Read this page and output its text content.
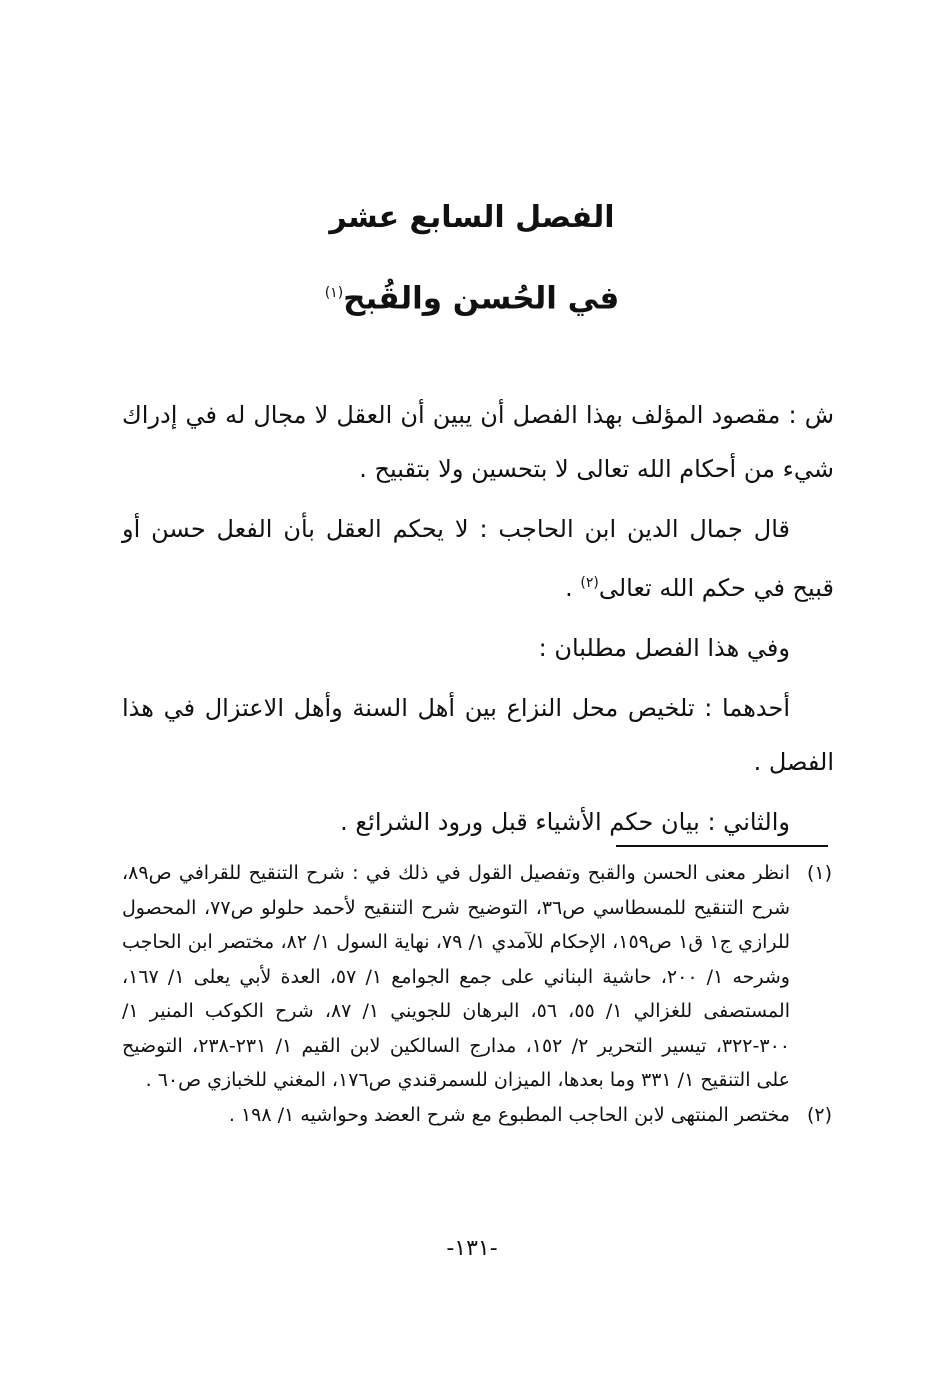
الفصل السابع عشر
في الحُسن والقُبح$^{(١)}$

ش : مقصود المؤلف بهذا الفصل أن يبين أن العقل لا مجال له في إدراك شيء من أحكام الله تعالى لا بتحسين ولا بتقبيح .

قال جمال الدين ابن الحاجب : لا يحكم العقل بأن الفعل حسن أو قبيح في حكم الله تعالى$^{(٢)}$ .

وفي هذا الفصل مطلبان :

أحدهما : تلخيص محل النزاع بين أهل السنة وأهل الاعتزال في هذا الفصل .

والثاني : بيان حكم الأشياء قبل ورود الشرائع .

(١)
انظر معنى الحسن والقبح وتفصيل القول في ذلك في : شرح التنقيح للقرافي ص٨٩، شرح التنقيح للمسطاسي ص٣٦، التوضيح شرح التنقيح لأحمد حلولو ص٧٧، المحصول للرازي ج١ ق١ ص١٥٩، الإحكام للآمدي ١/ ٧٩، نهاية السول ١/ ٨٢، مختصر ابن الحاجب وشرحه ١/ ٢٠٠، حاشية البناني على جمع الجوامع ١/ ٥٧، العدة لأبي يعلى ١/ ١٦٧، المستصفى للغزالي ١/ ٥٥، ٥٦، البرهان للجويني ١/ ٨٧، شرح الكوكب المنير ١/ ٣٠٠-٣٢٢، تيسير التحرير ٢/ ١٥٢، مدارج السالكين لابن القيم ١/ ٢٣١-٢٣٨، التوضيح على التنقيح ١/ ٣٣١ وما بعدها، الميزان للسمرقندي ص١٧٦، المغني للخبازي ص٦٠ .
(٢)
مختصر المنتهى لابن الحاجب المطبوع مع شرح العضد وحواشيه ١/ ١٩٨ .
-١٣١-
